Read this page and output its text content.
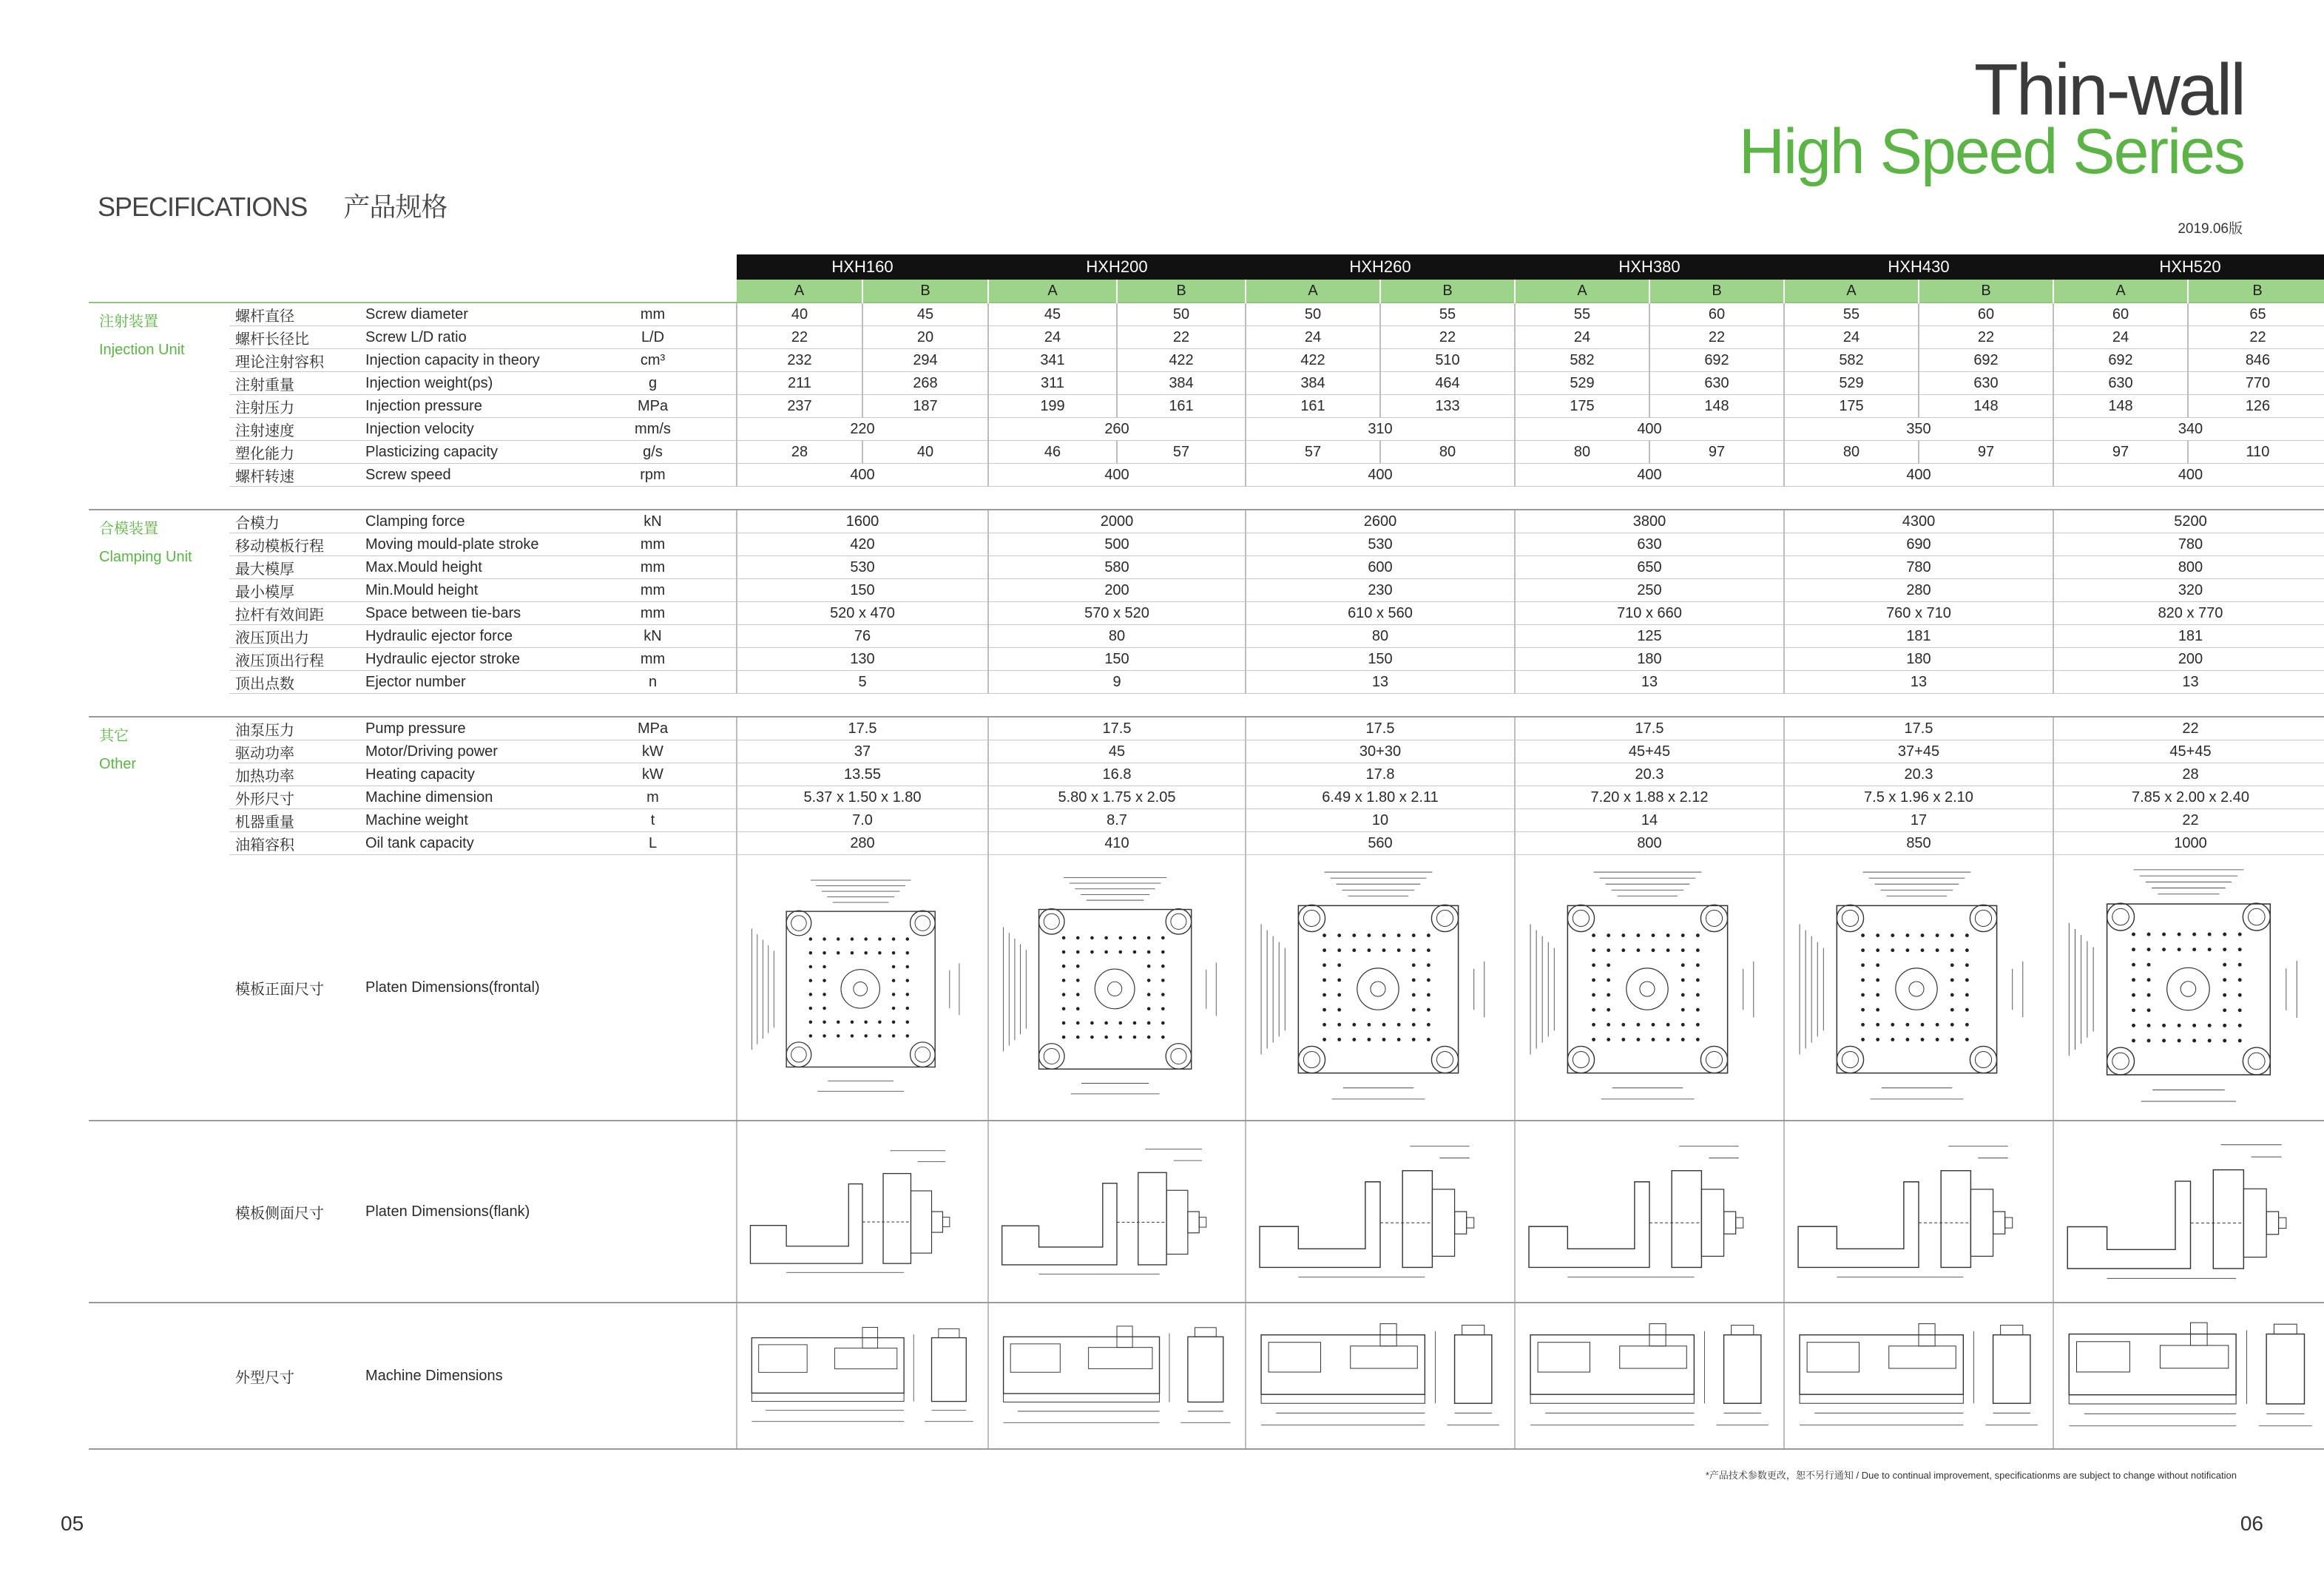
Thin-wall
High Speed Series
SPECIFICATIONS 产品规格
2019.06版
				HXH160		HXH200		HXH260		HXH380		HXH430		HXH520	
				A	B	A	B	A	B	A	B	A	B	A	B

注射装置
Injection Unit	螺杆直径	Screw diameter	mm	40	45	45	50	50	55	55	60	55	60	60	65
	螺杆长径比	Screw L/D ratio	L/D	22	20	24	22	24	22	24	22	24	22	24	22
	理论注射容积	Injection capacity in theory	cm³	232	294	341	422	422	510	582	692	582	692	692	846
	注射重量	Injection weight(ps)	g	211	268	311	384	384	464	529	630	529	630	630	770
	注射压力	Injection pressure	MPa	237	187	199	161	161	133	175	148	175	148	148	126
	注射速度	Injection velocity	mm/s	220		260		310		400		350		340	
	塑化能力	Plasticizing capacity	g/s	28	40	46	57	57	80	80	97	80	97	97	110
	螺杆转速	Screw speed	rpm	400		400		400		400		400		400	

合模装置
Clamping Unit	合模力	Clamping force	kN	1600		2000		2600		3800		4300		5200	
	移动模板行程	Moving mould-plate stroke	mm	420		500		530		630		690		780	
	最大模厚	Max.Mould height	mm	530		580		600		650		780		800	
	最小模厚	Min.Mould height	mm	150		200		230		250		280		320	
	拉杆有效间距	Space between tie-bars	mm	520 x 470		570 x 520		610 x 560		710 x 660		760 x 710		820 x 770	
	液压顶出力	Hydraulic ejector force	kN	76		80		80		125		181		181	
	液压顶出行程	Hydraulic ejector stroke	mm	130		150		150		180		180		200	
	顶出点数	Ejector number	n	5		9		13		13		13		13	

其它
Other	油泵压力	Pump pressure	MPa	17.5		17.5		17.5		17.5		17.5		22	
	驱动功率	Motor/Driving power	kW	37		45		30+30		45+45		37+45		45+45	
	加热功率	Heating capacity	kW	13.55		16.8		17.8		20.3		20.3		28	
	外形尺寸	Machine dimension	m	5.37 x 1.50 x 1.80		5.80 x 1.75 x 2.05		6.49 x 1.80 x 2.11		7.20 x 1.88 x 2.12		7.5 x 1.96 x 2.10		7.85 x 2.00 x 2.40	
	机器重量	Machine weight	t	7.0		8.7		10		14		17		22	
	油箱容积	Oil tank capacity	L	280		410		560		800		850		1000	
	模板正面尺寸	Platen Dimensions(frontal)		

	模板侧面尺寸	Platen Dimensions(flank)		

	外型尺寸	Machine Dimensions		

*产品技术参数更改，恕不另行通知 / Due to continual improvement, specificationms are subject to change without notification
05	06
